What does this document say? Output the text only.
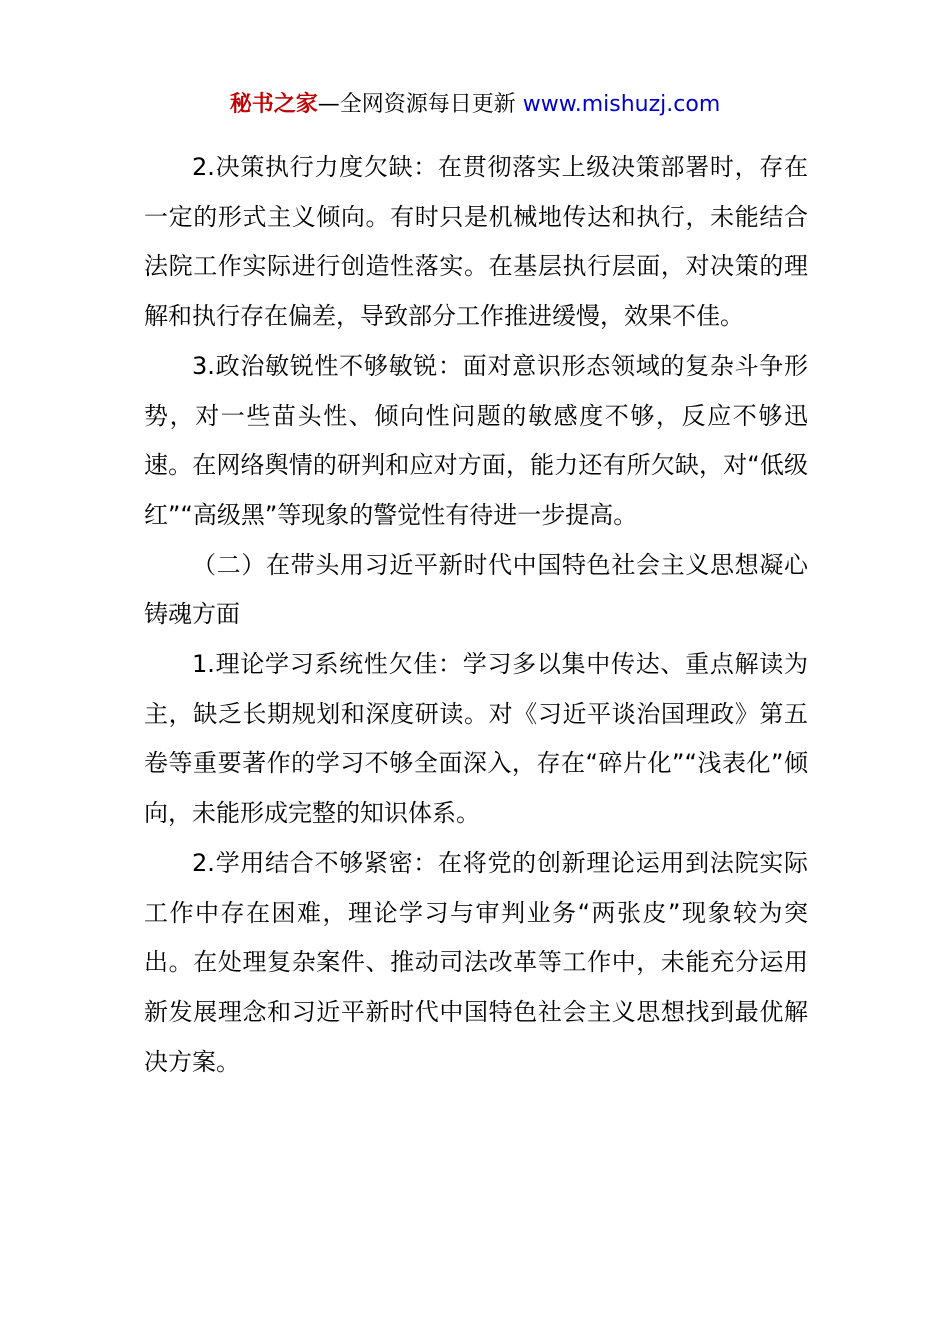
秘书之家—全网资源每日更新 www.mishuzj.com

2.决策执行力度欠缺：在贯彻落实上级决策部署时，存在一定的形式主义倾向。有时只是机械地传达和执行，未能结合法院工作实际进行创造性落实。在基层执行层面，对决策的理解和执行存在偏差，导致部分工作推进缓慢，效果不佳。

3.政治敏锐性不够敏锐：面对意识形态领域的复杂斗争形势，对一些苗头性、倾向性问题的敏感度不够，反应不够迅速。在网络舆情的研判和应对方面，能力还有所欠缺，对“低级红”“高级黑”等现象的警觉性有待进一步提高。

（二）在带头用习近平新时代中国特色社会主义思想凝心铸魂方面

1.理论学习系统性欠佳：学习多以集中传达、重点解读为主，缺乏长期规划和深度研读。对《习近平谈治国理政》第五卷等重要著作的学习不够全面深入，存在“碎片化”“浅表化”倾向，未能形成完整的知识体系。

2.学用结合不够紧密：在将党的创新理论运用到法院实际工作中存在困难，理论学习与审判业务“两张皮”现象较为突出。在处理复杂案件、推动司法改革等工作中，未能充分运用新发展理念和习近平新时代中国特色社会主义思想找到最优解决方案。
